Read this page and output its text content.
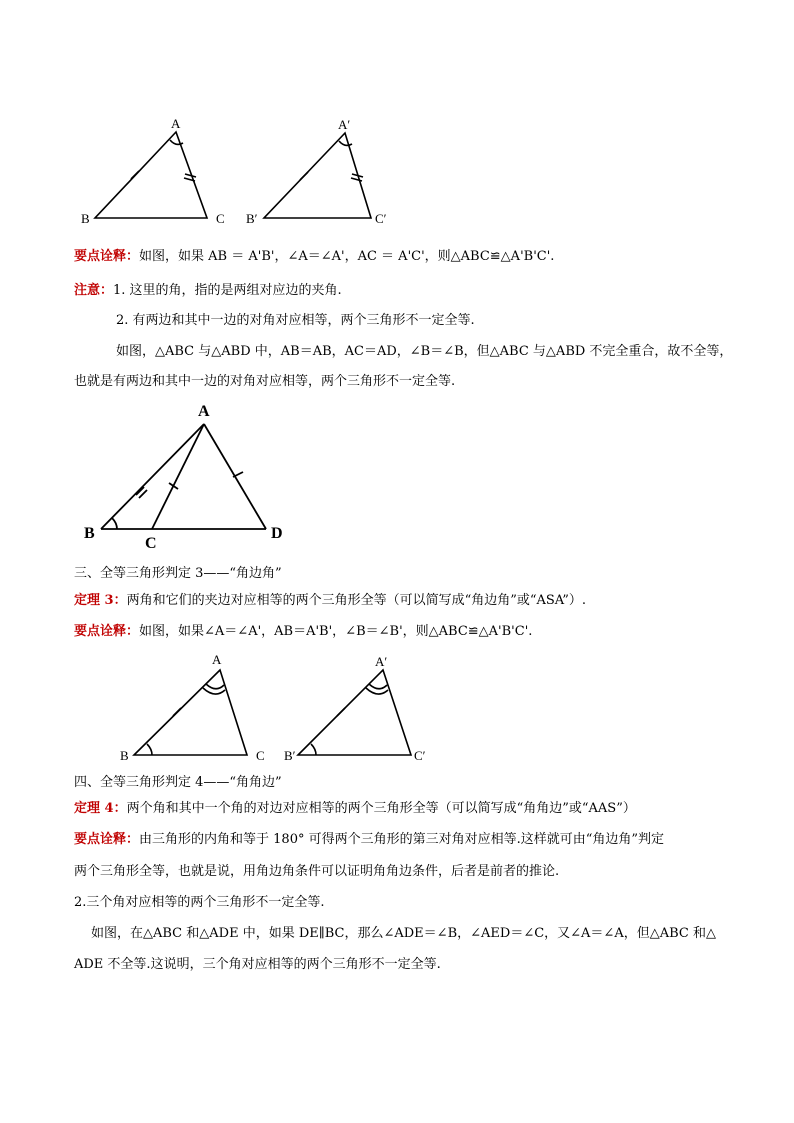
A
B	C
A′
B′	C′
要点诠释：如图，如果 AB ＝ A'B'，∠A＝∠A'，AC ＝ A'C'，则△ABC≌△A'B'C'.
注意：1. 这里的角，指的是两组对应边的夹角.
2. 有两边和其中一边的对角对应相等，两个三角形不一定全等.
如图，△ABC 与△ABD 中，AB＝AB，AC＝AD，∠B＝∠B，但△ABC 与△ABD 不完全重合，故不全等，
也就是有两边和其中一边的对角对应相等，两个三角形不一定全等.
A
B
C
D
三、全等三角形判定 3——“角边角”
定理 3：两角和它们的夹边对应相等的两个三角形全等（可以简写成“角边角”或“ASA”）.
要点诠释：如图，如果∠A＝∠A'，AB＝A'B'，∠B＝∠B'，则△ABC≌△A'B'C'.
A
B	C
A′
B′	C′
四、全等三角形判定 4——“角角边”
定理 4：两个角和其中一个角的对边对应相等的两个三角形全等（可以简写成“角角边”或“AAS”）
要点诠释：由三角形的内角和等于 180° 可得两个三角形的第三对角对应相等.这样就可由“角边角”判定
两个三角形全等，也就是说，用角边角条件可以证明角角边条件，后者是前者的推论.
2.三个角对应相等的两个三角形不一定全等.
如图，在△ABC 和△ADE 中，如果 DE∥BC，那么∠ADE＝∠B，∠AED＝∠C，又∠A＝∠A，但△ABC 和△
ADE 不全等.这说明，三个角对应相等的两个三角形不一定全等.
